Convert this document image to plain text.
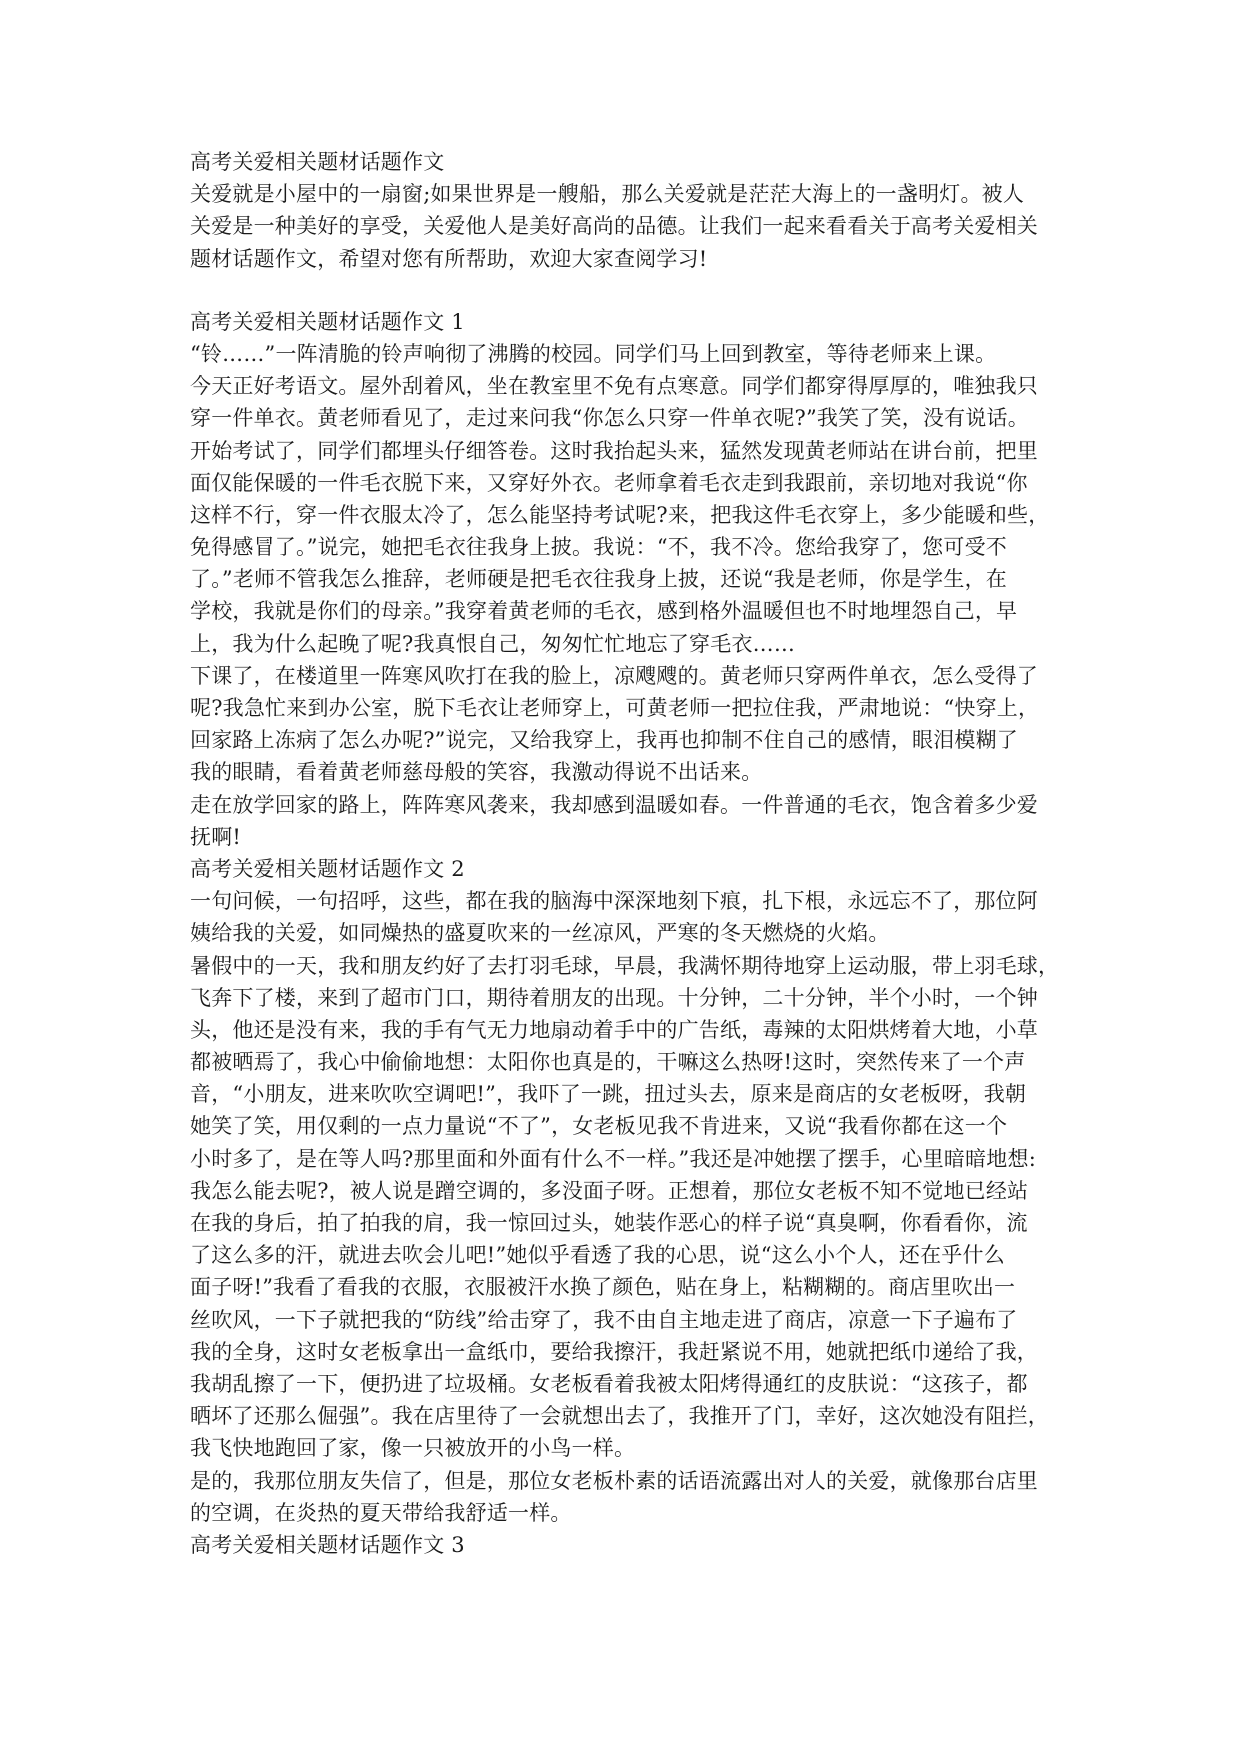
高考关爱相关题材话题作文
关爱就是小屋中的一扇窗;如果世界是一艘船，那么关爱就是茫茫大海上的一盏明灯。被人
关爱是一种美好的享受，关爱他人是美好高尚的品德。让我们一起来看看关于高考关爱相关
题材话题作文，希望对您有所帮助，欢迎大家查阅学习!
高考关爱相关题材话题作文 1
“铃……”一阵清脆的铃声响彻了沸腾的校园。同学们马上回到教室，等待老师来上课。
今天正好考语文。屋外刮着风，坐在教室里不免有点寒意。同学们都穿得厚厚的，唯独我只
穿一件单衣。黄老师看见了，走过来问我“你怎么只穿一件单衣呢?”我笑了笑，没有说话。
开始考试了，同学们都埋头仔细答卷。这时我抬起头来，猛然发现黄老师站在讲台前，把里
面仅能保暖的一件毛衣脱下来，又穿好外衣。老师拿着毛衣走到我跟前，亲切地对我说“你
这样不行，穿一件衣服太冷了，怎么能坚持考试呢?来，把我这件毛衣穿上，多少能暖和些，
免得感冒了。”说完，她把毛衣往我身上披。我说：“不，我不冷。您给我穿了，您可受不
了。”老师不管我怎么推辞，老师硬是把毛衣往我身上披，还说“我是老师，你是学生，在
学校，我就是你们的母亲。”我穿着黄老师的毛衣，感到格外温暖但也不时地埋怨自己，早
上，我为什么起晚了呢?我真恨自己，匆匆忙忙地忘了穿毛衣……
下课了，在楼道里一阵寒风吹打在我的脸上，凉飕飕的。黄老师只穿两件单衣，怎么受得了
呢?我急忙来到办公室，脱下毛衣让老师穿上，可黄老师一把拉住我，严肃地说：“快穿上，
回家路上冻病了怎么办呢?”说完，又给我穿上，我再也抑制不住自己的感情，眼泪模糊了
我的眼睛，看着黄老师慈母般的笑容，我激动得说不出话来。
走在放学回家的路上，阵阵寒风袭来，我却感到温暖如春。一件普通的毛衣，饱含着多少爱
抚啊!
高考关爱相关题材话题作文 2
一句问候，一句招呼，这些，都在我的脑海中深深地刻下痕，扎下根，永远忘不了，那位阿
姨给我的关爱，如同燥热的盛夏吹来的一丝凉风，严寒的冬天燃烧的火焰。
暑假中的一天，我和朋友约好了去打羽毛球，早晨，我满怀期待地穿上运动服，带上羽毛球，
飞奔下了楼，来到了超市门口，期待着朋友的出现。十分钟，二十分钟，半个小时，一个钟
头，他还是没有来，我的手有气无力地扇动着手中的广告纸，毒辣的太阳烘烤着大地，小草
都被晒焉了，我心中偷偷地想：太阳你也真是的，干嘛这么热呀!这时，突然传来了一个声
音，“小朋友，进来吹吹空调吧!”，我吓了一跳，扭过头去，原来是商店的女老板呀，我朝
她笑了笑，用仅剩的一点力量说“不了”，女老板见我不肯进来，又说“我看你都在这一个
小时多了，是在等人吗?那里面和外面有什么不一样。”我还是冲她摆了摆手，心里暗暗地想:
我怎么能去呢?，被人说是蹭空调的，多没面子呀。正想着，那位女老板不知不觉地已经站
在我的身后，拍了拍我的肩，我一惊回过头，她装作恶心的样子说“真臭啊，你看看你，流
了这么多的汗，就进去吹会儿吧!”她似乎看透了我的心思，说“这么小个人，还在乎什么
面子呀!”我看了看我的衣服，衣服被汗水换了颜色，贴在身上，粘糊糊的。商店里吹出一
丝吹风，一下子就把我的“防线”给击穿了，我不由自主地走进了商店，凉意一下子遍布了
我的全身，这时女老板拿出一盒纸巾，要给我擦汗，我赶紧说不用，她就把纸巾递给了我，
我胡乱擦了一下，便扔进了垃圾桶。女老板看着我被太阳烤得通红的皮肤说：“这孩子，都
晒坏了还那么倔强”。我在店里待了一会就想出去了，我推开了门，幸好，这次她没有阻拦，
我飞快地跑回了家，像一只被放开的小鸟一样。
是的，我那位朋友失信了，但是，那位女老板朴素的话语流露出对人的关爱，就像那台店里
的空调，在炎热的夏天带给我舒适一样。
高考关爱相关题材话题作文 3
